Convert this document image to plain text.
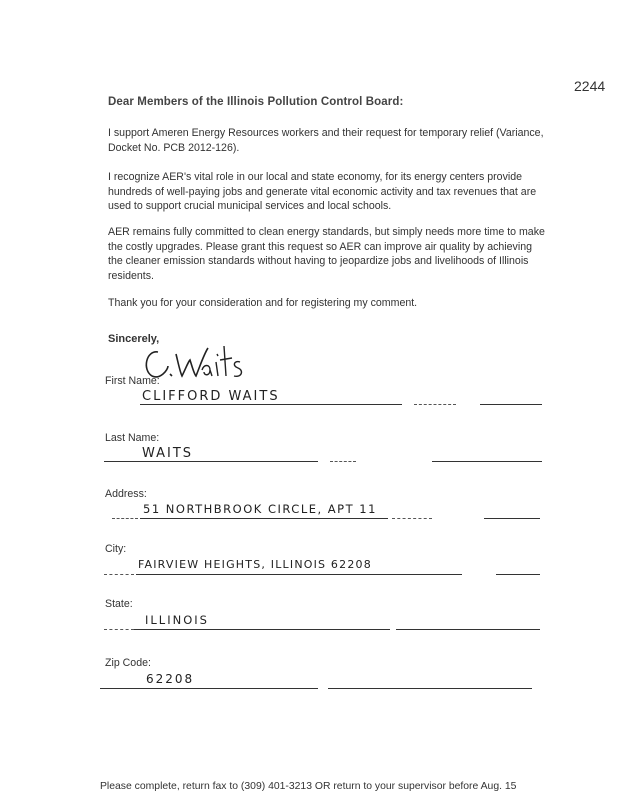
2244
Dear Members of the Illinois Pollution Control Board:

I support Ameren Energy Resources workers and their request for temporary relief (Variance, Docket No. PCB 2012-126).

I recognize AER's vital role in our local and state economy, for its energy centers provide hundreds of well-paying jobs and generate vital economic activity and tax revenues that are used to support crucial municipal services and local schools.

AER remains fully committed to clean energy standards, but simply needs more time to make the costly upgrades. Please grant this request so AER can improve air quality by achieving the cleaner emission standards without having to jeopardize jobs and livelihoods of Illinois residents.

Thank you for your consideration and for registering my comment.

Sincerely,
First Name:
CLIFFORD WAITS
Last Name:
WAITS
Address:
51 NORTHBROOK CIRCLE, APT 11
City:
FAIRVIEW HEIGHTS, ILLINOIS 62208
State:
ILLINOIS
Zip Code:
62208
Please complete, return fax to (309) 401-3213 OR return to your supervisor before Aug. 15
